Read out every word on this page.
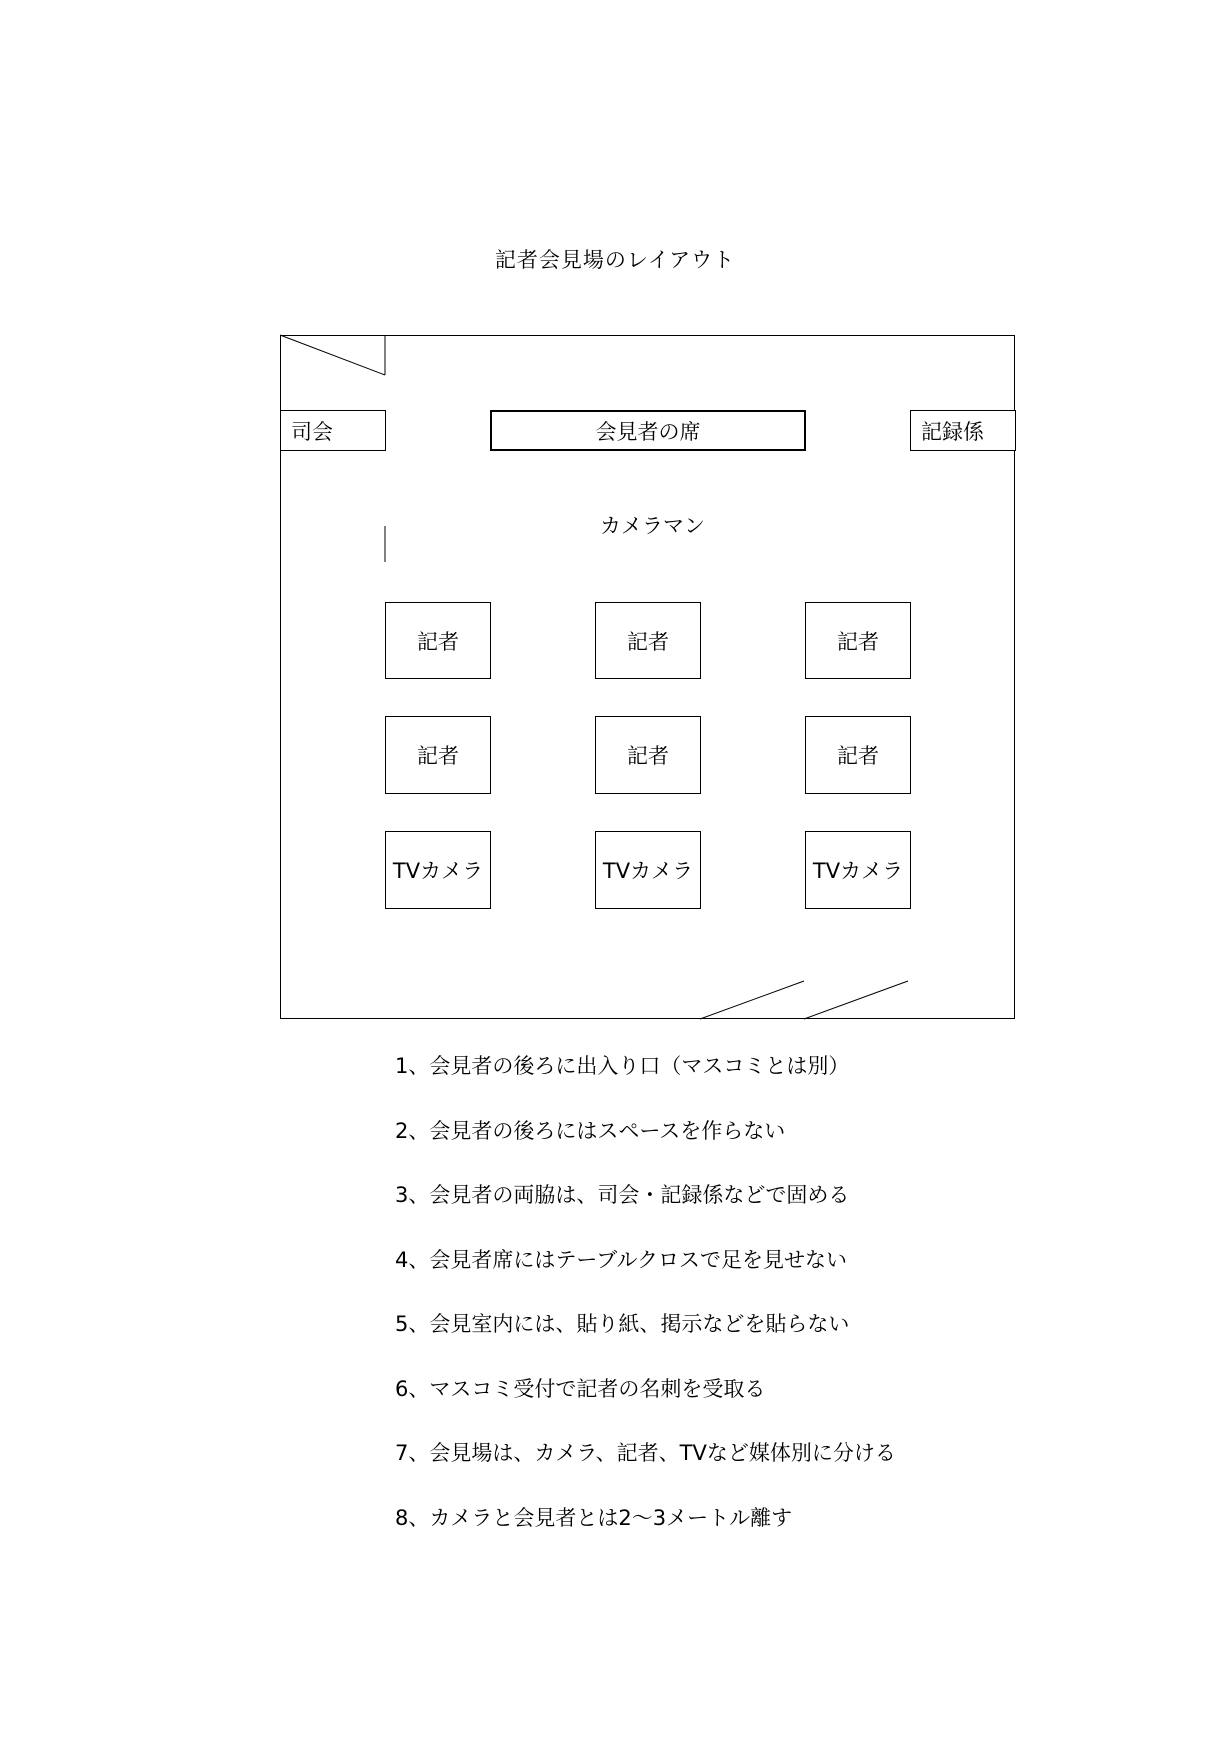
記者会見場のレイアウト
司会	会見者の席	記録係
カメラマン
記者	記者	記者
記者	記者	記者
TVカメラ	TVカメラ	TVカメラ
1、会見者の後ろに出入り口（マスコミとは別）
2、会見者の後ろにはスペースを作らない
3、会見者の両脇は、司会・記録係などで固める
4、会見者席にはテーブルクロスで足を見せない
5、会見室内には、貼り紙、掲示などを貼らない
6、マスコミ受付で記者の名刺を受取る
7、会見場は、カメラ、記者、TVなど媒体別に分ける
8、カメラと会見者とは2～3メートル離す
